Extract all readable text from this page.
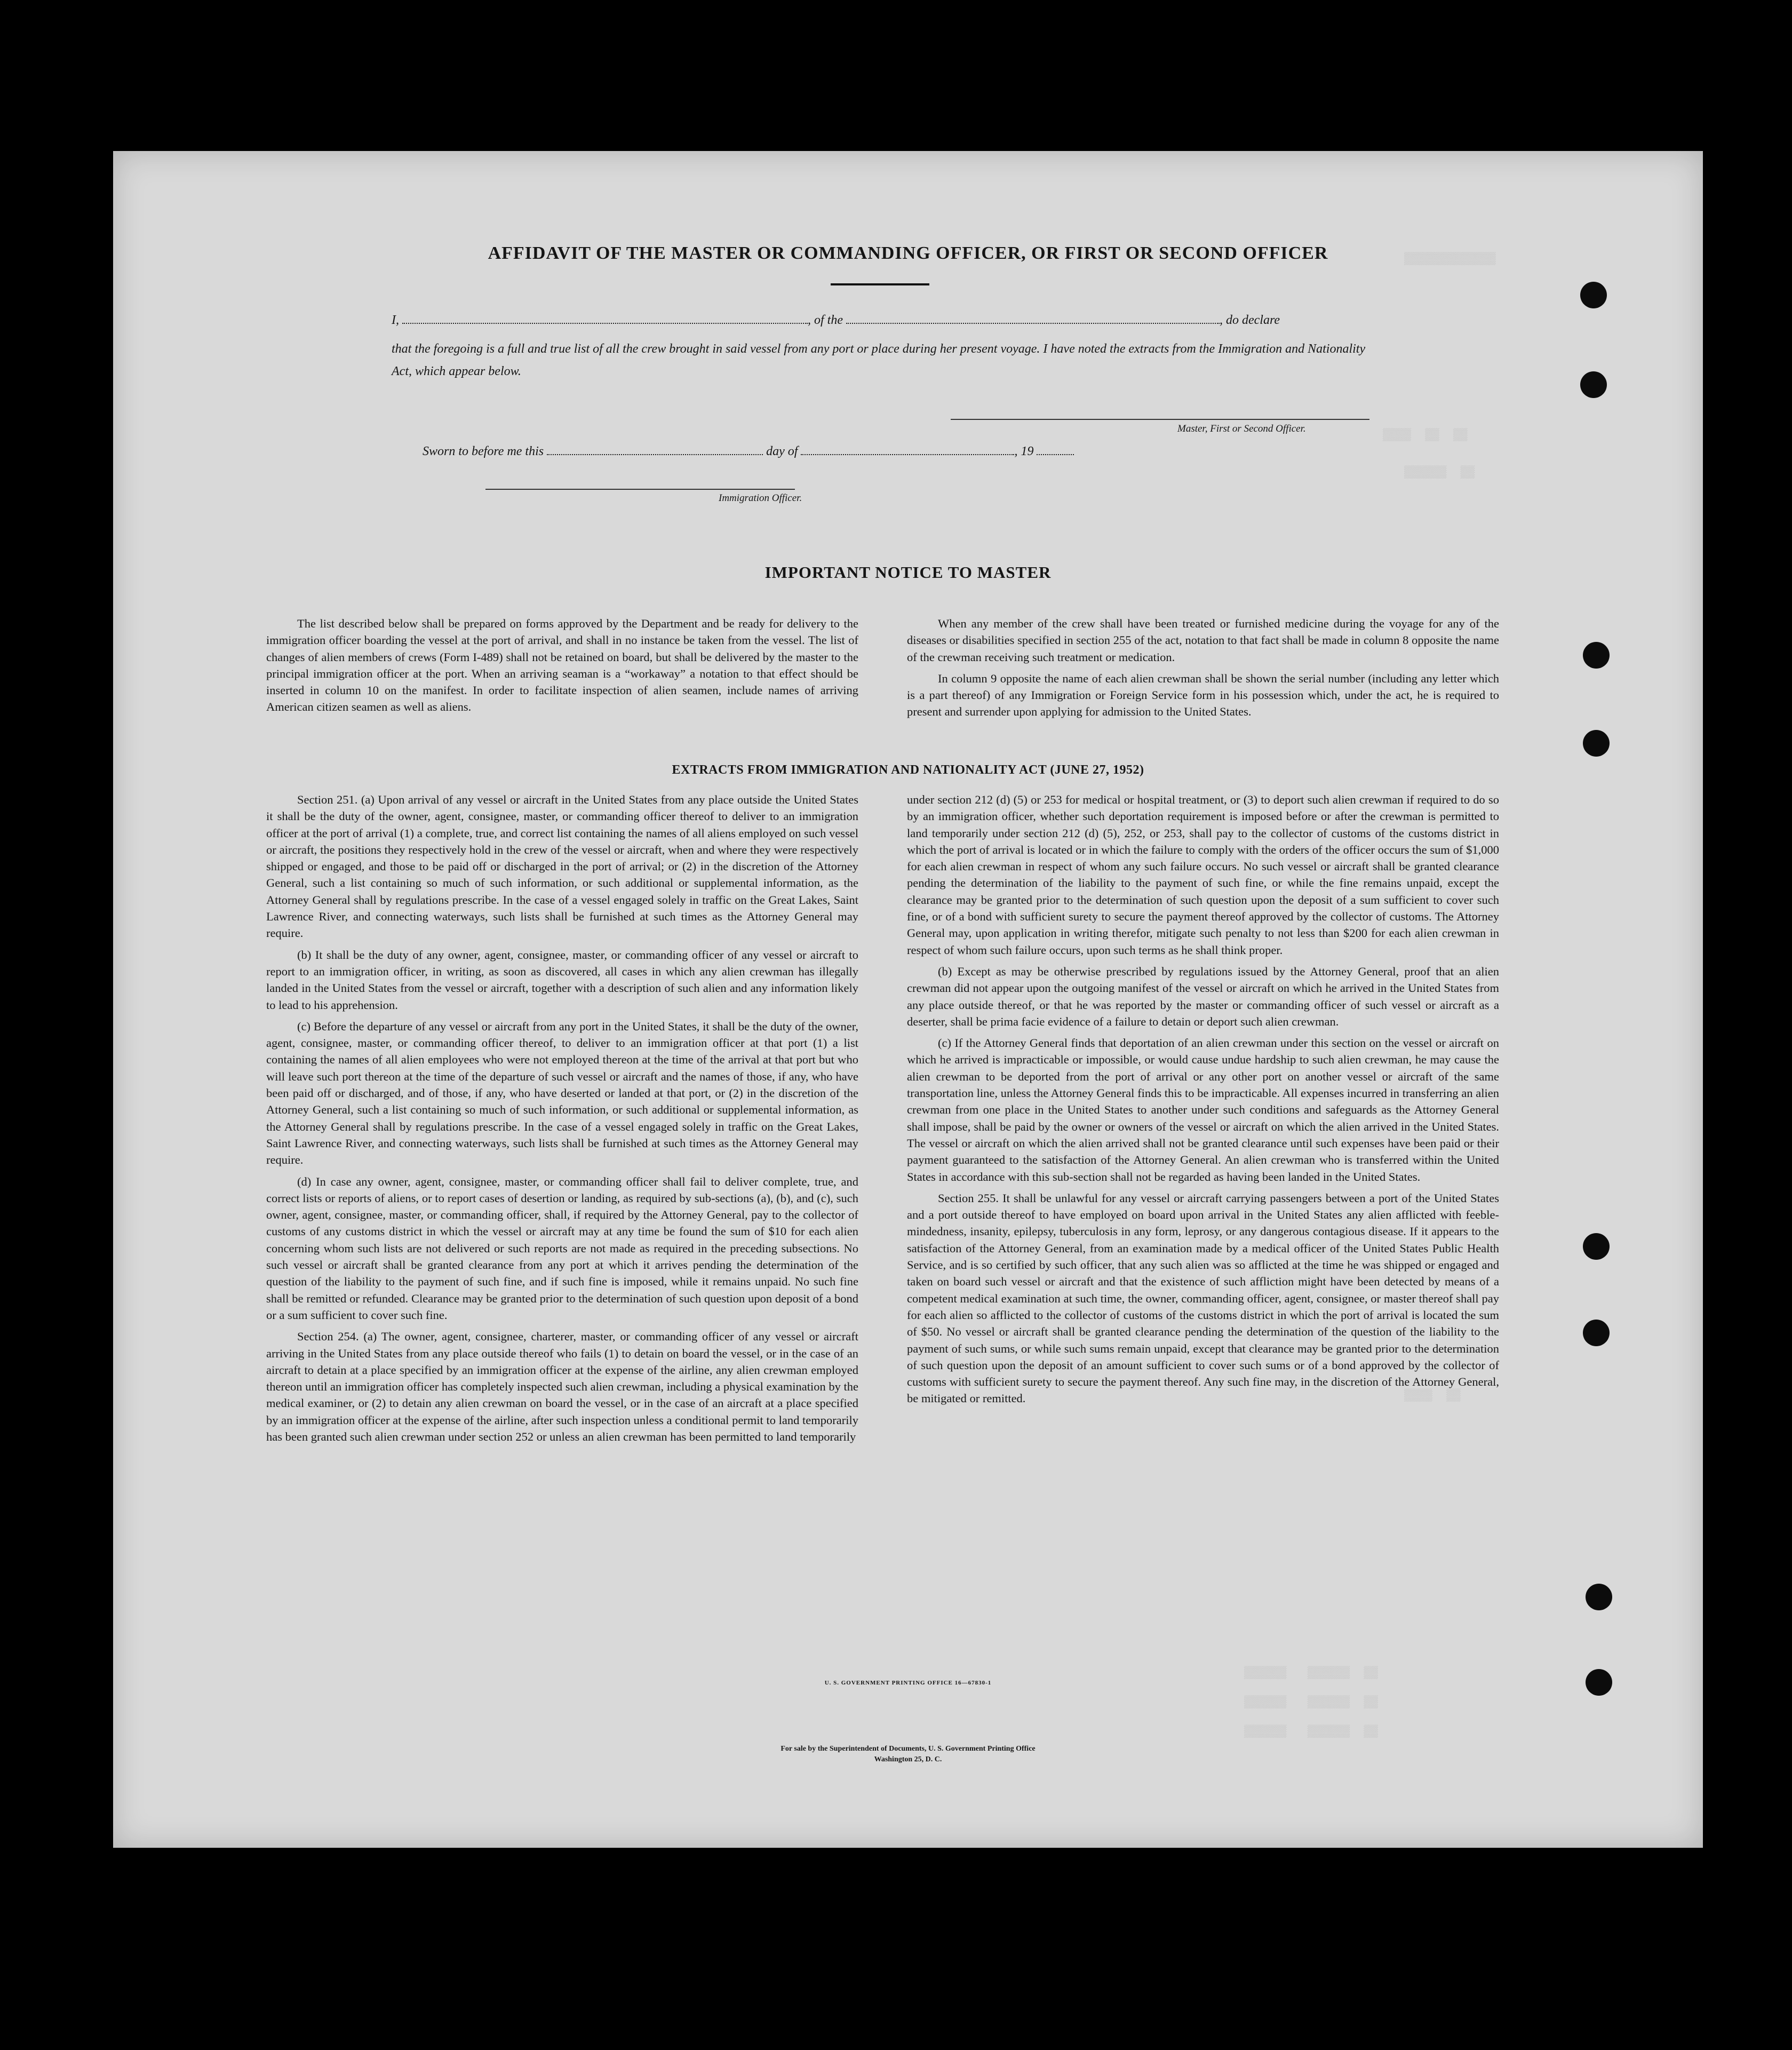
▒▒▒▒▒▒▒▒▒▒▒▒▒
▒▒▒▒  ▒▒  ▒▒
▒▒▒▒▒▒  ▒▒
▒▒▒▒  ▒▒
▒▒▒▒▒▒   ▒▒▒▒▒▒  ▒▒
▒▒▒▒▒▒   ▒▒▒▒▒▒  ▒▒
▒▒▒▒▒▒   ▒▒▒▒▒▒  ▒▒
AFFIDAVIT OF THE MASTER OR COMMANDING OFFICER, OR FIRST OR SECOND OFFICER
I,	, of the	, do declare
that the foregoing is a full and true list of all the crew brought in said vessel from any port or place during her present voyage. I have noted the extracts from the Immigration and Nationality Act, which appear below.
Master, First or Second Officer.
Sworn to before me this	day of	, 19
Immigration Officer.
IMPORTANT NOTICE TO MASTER

The list described below shall be prepared on forms approved by the Department and be ready for delivery to the immigration officer boarding the vessel at the port of arrival, and shall in no instance be taken from the vessel. The list of changes of alien members of crews (Form I-489) shall not be retained on board, but shall be delivered by the master to the principal immigration officer at the port. When an arriving seaman is a “workaway” a notation to that effect should be inserted in column 10 on the manifest. In order to facilitate inspection of alien seamen, include names of arriving American citizen seamen as well as aliens.

When any member of the crew shall have been treated or furnished medicine during the voyage for any of the diseases or disabilities specified in section 255 of the act, notation to that fact shall be made in column 8 opposite the name of the crewman receiving such treatment or medication.

In column 9 opposite the name of each alien crewman shall be shown the serial number (including any letter which is a part thereof) of any Immigration or Foreign Service form in his possession which, under the act, he is required to present and surrender upon applying for admission to the United States.

EXTRACTS FROM IMMIGRATION AND NATIONALITY ACT (JUNE 27, 1952)

Section 251. (a) Upon arrival of any vessel or aircraft in the United States from any place outside the United States it shall be the duty of the owner, agent, consignee, master, or commanding officer thereof to deliver to an immigration officer at the port of arrival (1) a complete, true, and correct list containing the names of all aliens employed on such vessel or aircraft, the positions they respectively hold in the crew of the vessel or aircraft, when and where they were respectively shipped or engaged, and those to be paid off or discharged in the port of arrival; or (2) in the discretion of the Attorney General, such a list containing so much of such information, or such additional or supplemental information, as the Attorney General shall by regulations prescribe. In the case of a vessel engaged solely in traffic on the Great Lakes, Saint Lawrence River, and connecting waterways, such lists shall be furnished at such times as the Attorney General may require.

(b) It shall be the duty of any owner, agent, consignee, master, or commanding officer of any vessel or aircraft to report to an immigration officer, in writing, as soon as discovered, all cases in which any alien crewman has illegally landed in the United States from the vessel or aircraft, together with a description of such alien and any information likely to lead to his apprehension.

(c) Before the departure of any vessel or aircraft from any port in the United States, it shall be the duty of the owner, agent, consignee, master, or commanding officer thereof, to deliver to an immigration officer at that port (1) a list containing the names of all alien employees who were not employed thereon at the time of the arrival at that port but who will leave such port thereon at the time of the departure of such vessel or aircraft and the names of those, if any, who have been paid off or discharged, and of those, if any, who have deserted or landed at that port, or (2) in the discretion of the Attorney General, such a list containing so much of such information, or such additional or supplemental information, as the Attorney General shall by regulations prescribe. In the case of a vessel engaged solely in traffic on the Great Lakes, Saint Lawrence River, and connecting waterways, such lists shall be furnished at such times as the Attorney General may require.

(d) In case any owner, agent, consignee, master, or commanding officer shall fail to deliver complete, true, and correct lists or reports of aliens, or to report cases of desertion or landing, as required by sub-sections (a), (b), and (c), such owner, agent, consignee, master, or commanding officer, shall, if required by the Attorney General, pay to the collector of customs of any customs district in which the vessel or aircraft may at any time be found the sum of $10 for each alien concerning whom such lists are not delivered or such reports are not made as required in the preceding subsections. No such vessel or aircraft shall be granted clearance from any port at which it arrives pending the determination of the question of the liability to the payment of such fine, and if such fine is imposed, while it remains unpaid. No such fine shall be remitted or refunded. Clearance may be granted prior to the determination of such question upon deposit of a bond or a sum sufficient to cover such fine.

Section 254. (a) The owner, agent, consignee, charterer, master, or commanding officer of any vessel or aircraft arriving in the United States from any place outside thereof who fails (1) to detain on board the vessel, or in the case of an aircraft to detain at a place specified by an immigration officer at the expense of the airline, any alien crewman employed thereon until an immigration officer has completely inspected such alien crewman, including a physical examination by the medical examiner, or (2) to detain any alien crewman on board the vessel, or in the case of an aircraft at a place specified by an immigration officer at the expense of the airline, after such inspection unless a conditional permit to land temporarily has been granted such alien crewman under section 252 or unless an alien crewman has been permitted to land temporarily

under section 212 (d) (5) or 253 for medical or hospital treatment, or (3) to deport such alien crewman if required to do so by an immigration officer, whether such deportation requirement is imposed before or after the crewman is permitted to land temporarily under section 212 (d) (5), 252, or 253, shall pay to the collector of customs of the customs district in which the port of arrival is located or in which the failure to comply with the orders of the officer occurs the sum of $1,000 for each alien crewman in respect of whom any such failure occurs. No such vessel or aircraft shall be granted clearance pending the determination of the liability to the payment of such fine, or while the fine remains unpaid, except the clearance may be granted prior to the determination of such question upon the deposit of a sum sufficient to cover such fine, or of a bond with sufficient surety to secure the payment thereof approved by the collector of customs. The Attorney General may, upon application in writing therefor, mitigate such penalty to not less than $200 for each alien crewman in respect of whom such failure occurs, upon such terms as he shall think proper.

(b) Except as may be otherwise prescribed by regulations issued by the Attorney General, proof that an alien crewman did not appear upon the outgoing manifest of the vessel or aircraft on which he arrived in the United States from any place outside thereof, or that he was reported by the master or commanding officer of such vessel or aircraft as a deserter, shall be prima facie evidence of a failure to detain or deport such alien crewman.

(c) If the Attorney General finds that deportation of an alien crewman under this section on the vessel or aircraft on which he arrived is impracticable or impossible, or would cause undue hardship to such alien crewman, he may cause the alien crewman to be deported from the port of arrival or any other port on another vessel or aircraft of the same transportation line, unless the Attorney General finds this to be impracticable. All expenses incurred in transferring an alien crewman from one place in the United States to another under such conditions and safeguards as the Attorney General shall impose, shall be paid by the owner or owners of the vessel or aircraft on which the alien arrived in the United States. The vessel or aircraft on which the alien arrived shall not be granted clearance until such expenses have been paid or their payment guaranteed to the satisfaction of the Attorney General. An alien crewman who is transferred within the United States in accordance with this sub-section shall not be regarded as having been landed in the United States.

Section 255. It shall be unlawful for any vessel or aircraft carrying passengers between a port of the United States and a port outside thereof to have employed on board upon arrival in the United States any alien afflicted with feeble-mindedness, insanity, epilepsy, tuberculosis in any form, leprosy, or any dangerous contagious disease. If it appears to the satisfaction of the Attorney General, from an examination made by a medical officer of the United States Public Health Service, and is so certified by such officer, that any such alien was so afflicted at the time he was shipped or engaged and taken on board such vessel or aircraft and that the existence of such affliction might have been detected by means of a competent medical examination at such time, the owner, commanding officer, agent, consignee, or master thereof shall pay for each alien so afflicted to the collector of customs of the customs district in which the port of arrival is located the sum of $50. No vessel or aircraft shall be granted clearance pending the determination of the question of the liability to the payment of such sums, or while such sums remain unpaid, except that clearance may be granted prior to the determination of such question upon the deposit of an amount sufficient to cover such sums or of a bond approved by the collector of customs with sufficient surety to secure the payment thereof. Any such fine may, in the discretion of the Attorney General, be mitigated or remitted.

U. S. GOVERNMENT PRINTING OFFICE 16—67830-1
For sale by the Superintendent of Documents, U. S. Government Printing Office
Washington 25, D. C.
